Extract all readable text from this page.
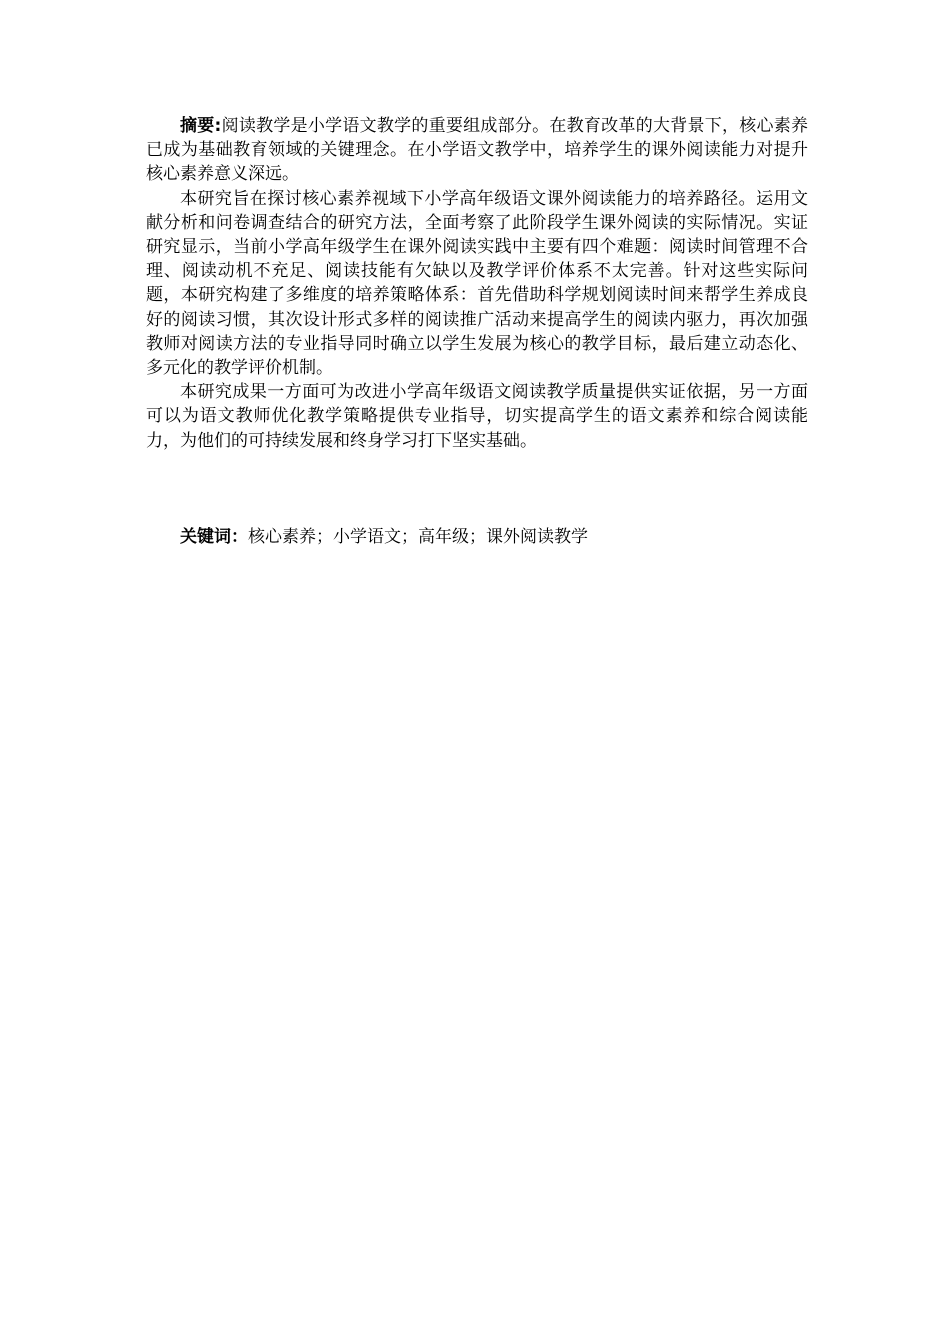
摘要:阅读教学是小学语文教学的重要组成部分。在教育改革的大背景下，核心素养已成为基础教育领域的关键理念。在小学语文教学中，培养学生的课外阅读能力对提升核心素养意义深远。

本研究旨在探讨核心素养视域下小学高年级语文课外阅读能力的培养路径。运用文献分析和问卷调查结合的研究方法，全面考察了此阶段学生课外阅读的实际情况。实证研究显示，当前小学高年级学生在课外阅读实践中主要有四个难题：阅读时间管理不合理、阅读动机不充足、阅读技能有欠缺以及教学评价体系不太完善。针对这些实际问题，本研究构建了多维度的培养策略体系：首先借助科学规划阅读时间来帮学生养成良好的阅读习惯，其次设计形式多样的阅读推广活动来提高学生的阅读内驱力，再次加强教师对阅读方法的专业指导同时确立以学生发展为核心的教学目标，最后建立动态化、多元化的教学评价机制。

本研究成果一方面可为改进小学高年级语文阅读教学质量提供实证依据，另一方面可以为语文教师优化教学策略提供专业指导，切实提高学生的语文素养和综合阅读能力，为他们的可持续发展和终身学习打下坚实基础。

关键词：核心素养；小学语文；高年级；课外阅读教学
